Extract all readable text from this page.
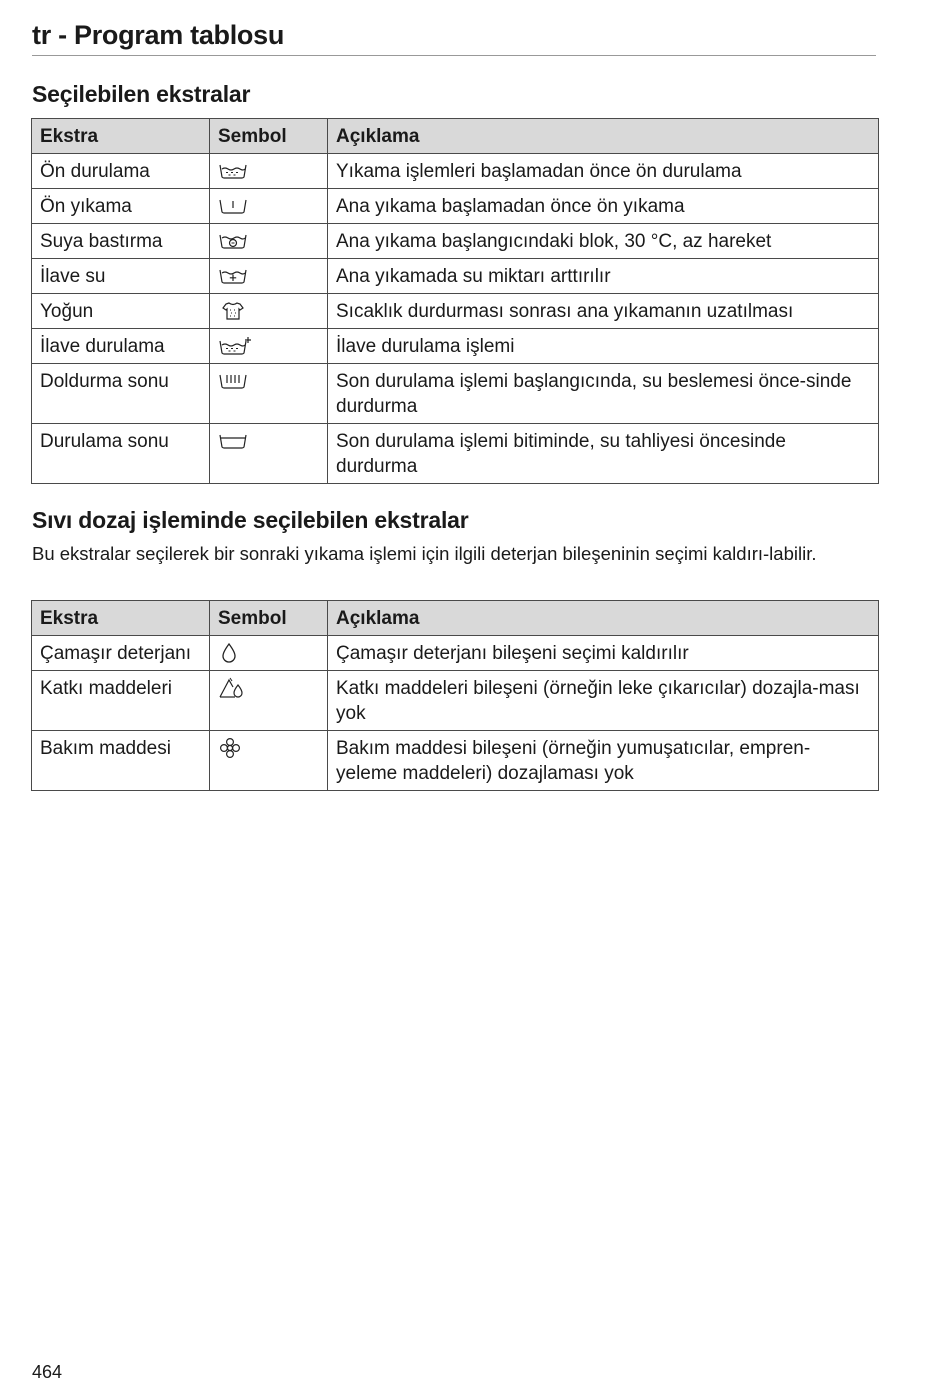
tr - Program tablosu
Seçilebilen ekstralar
Ekstra	Sembol	Açıklama
Ön durulama		Yıkama işlemleri başlamadan önce ön durulama
Ön yıkama		Ana yıkama başlamadan önce ön yıkama
Suya bastırma		Ana yıkama başlangıcındaki blok, 30 °C, az hareket
İlave su		Ana yıkamada su miktarı arttırılır
Yoğun		Sıcaklık durdurması sonrası ana yıkamanın uzatılması
İlave durulama		İlave durulama işlemi
Doldurma sonu		Son durulama işlemi başlangıcında, su beslemesi önce-sinde durdurma
Durulama sonu		Son durulama işlemi bitiminde, su tahliyesi öncesinde durdurma
Sıvı dozaj işleminde seçilebilen ekstralar

Bu ekstralar seçilerek bir sonraki yıkama işlemi için ilgili deterjan bileşeninin seçimi kaldırı-labilir.

Ekstra	Sembol	Açıklama
Çamaşır deterjanı		Çamaşır deterjanı bileşeni seçimi kaldırılır
Katkı maddeleri		Katkı maddeleri bileşeni (örneğin leke çıkarıcılar) dozajla-ması yok
Bakım maddesi		Bakım maddesi bileşeni (örneğin yumuşatıcılar, empren-yeleme maddeleri) dozajlaması yok
464
